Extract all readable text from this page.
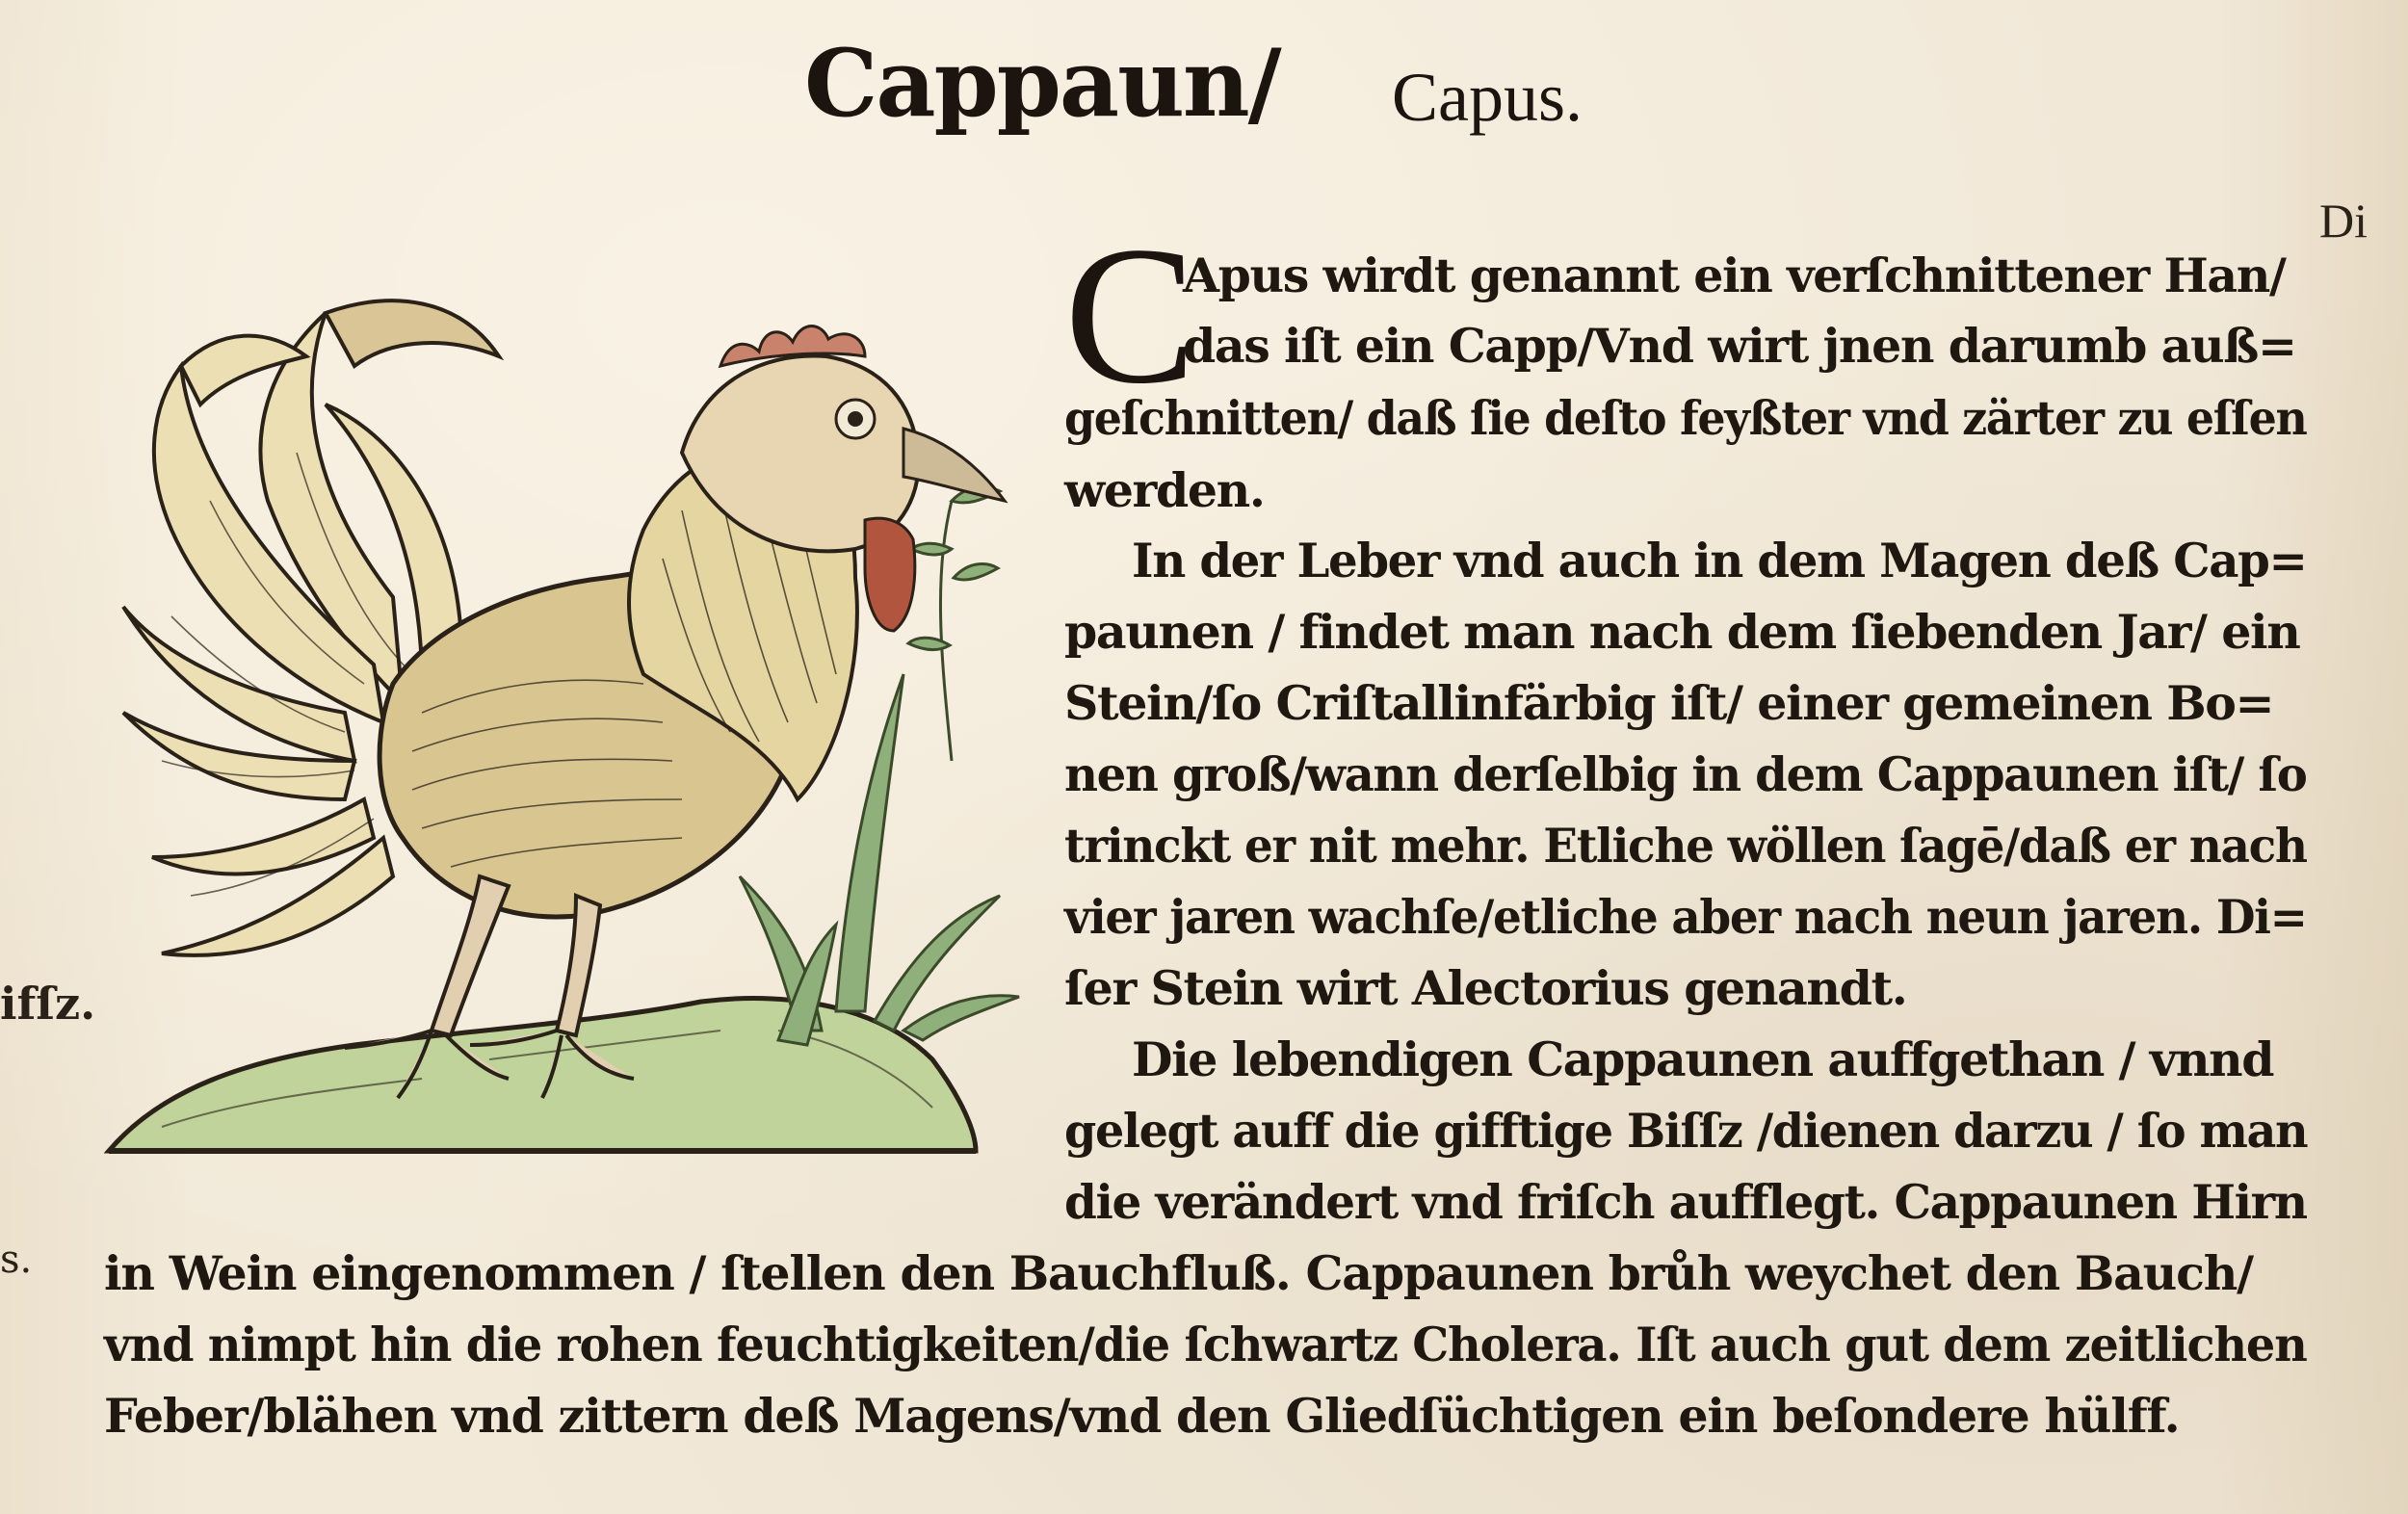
Cappaun/ Capus.
Di
ifſz.
s.
C
Apus wirdt genannt ein verſchnittener Han/
das iſt ein Capp/Vnd wirt jnen darumb auß=
geſchnitten/ daß ſie deſto feyßter vnd zärter zu eſſen
werden.
In der Leber vnd auch in dem Magen deß Cap=
paunen / findet man nach dem ſiebenden Jar/ ein
Stein/ſo Criſtallinfärbig iſt/ einer gemeinen Bo=
nen groß/wann derſelbig in dem Cappaunen iſt/ ſo
trinckt er nit mehr. Etliche wöllen ſagē/daß er nach
vier jaren wachſe/etliche aber nach neun jaren. Di=
ſer Stein wirt Alectorius genandt.
Die lebendigen Cappaunen auffgethan / vnnd
gelegt auff die gifftige Biſſz /dienen darzu / ſo man
die verändert vnd friſch aufflegt. Cappaunen Hirn
in Wein eingenommen / ſtellen den Bauchfluß. Cappaunen brůh weychet den Bauch/
vnd nimpt hin die rohen feuchtigkeiten/die ſchwartz Cholera. Iſt auch gut dem zeitlichen
Feber/blähen vnd zittern deß Magens/vnd den Gliedſüchtigen ein beſondere hülff.
